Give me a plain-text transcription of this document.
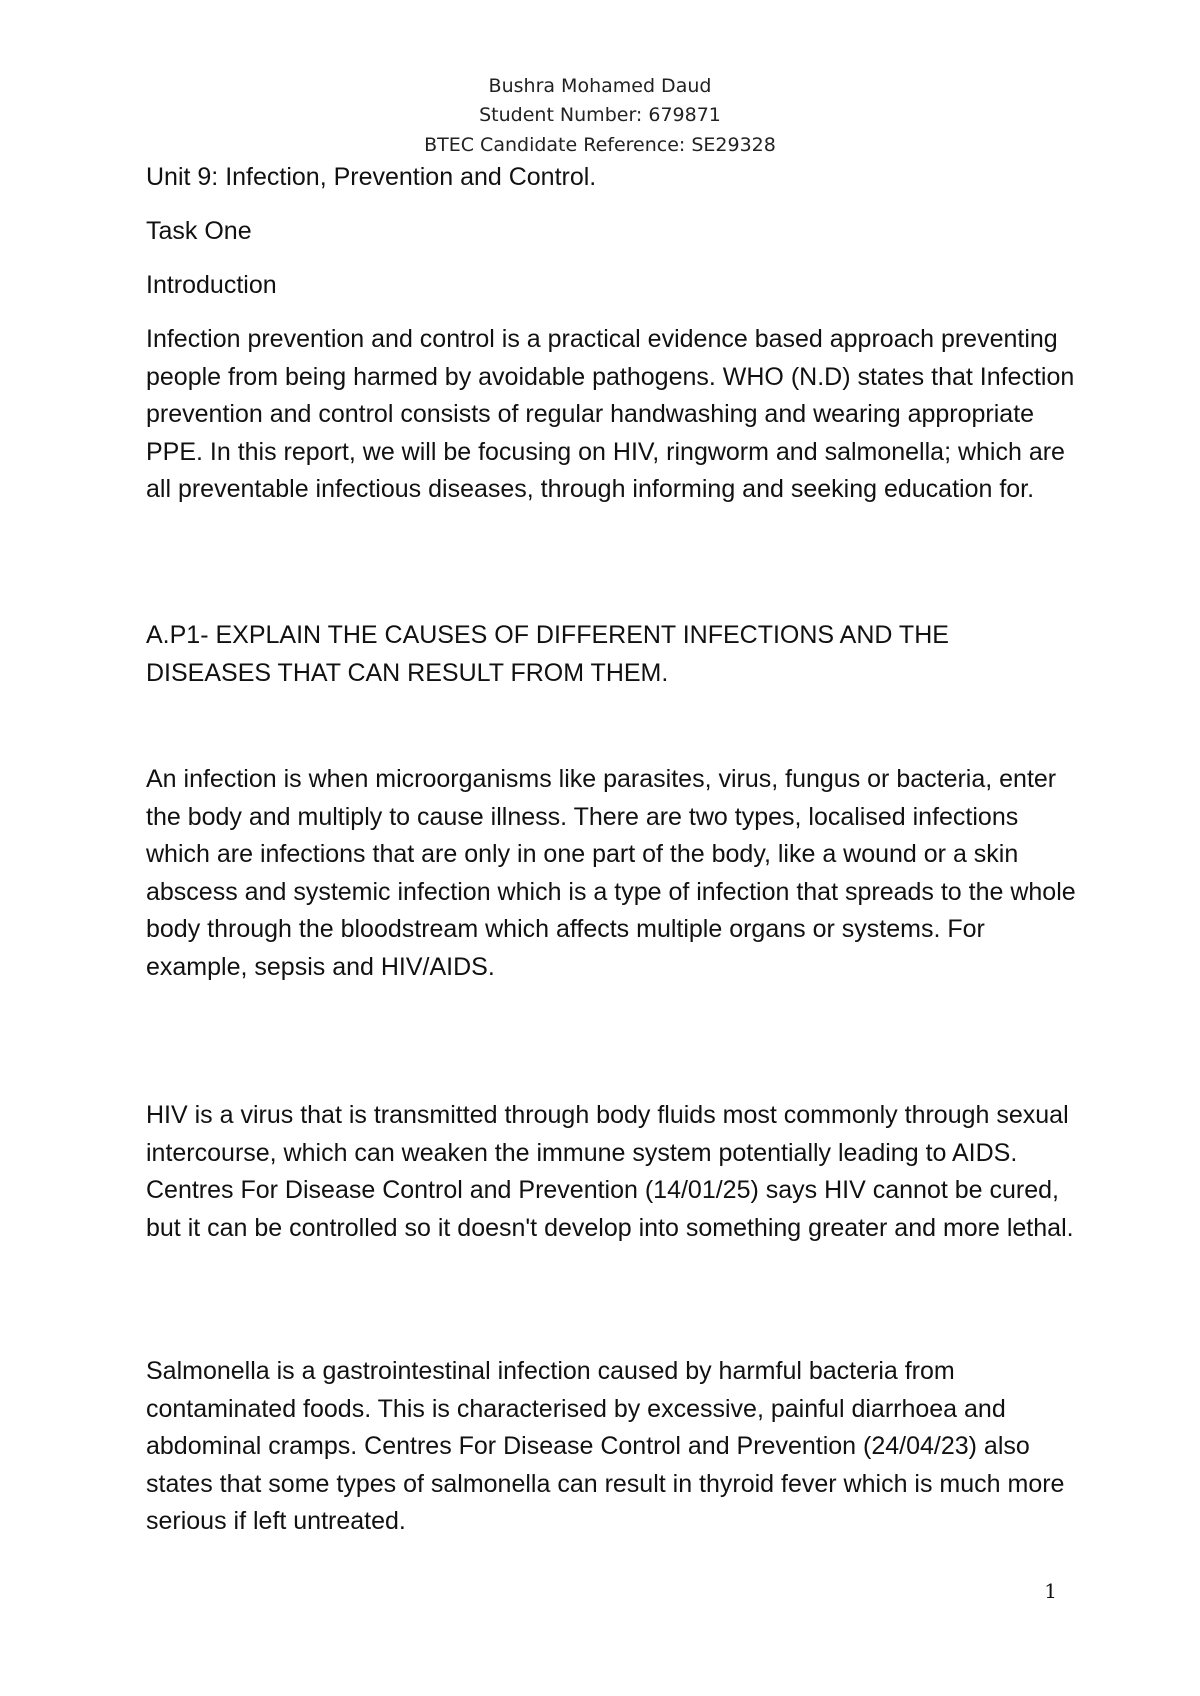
Bushra Mohamed Daud
Student Number: 679871
BTEC Candidate Reference: SE29328
Unit 9: Infection, Prevention and Control.
Task One
Introduction
Infection prevention and control is a practical evidence based approach preventing people from being harmed by avoidable pathogens. WHO (N.D) states that Infection prevention and control consists of regular handwashing and wearing appropriate PPE. In this report, we will be focusing on HIV, ringworm and salmonella; which are all preventable infectious diseases, through informing and seeking education for.
A.P1- EXPLAIN THE CAUSES OF DIFFERENT INFECTIONS AND THE DISEASES THAT CAN RESULT FROM THEM.
An infection is when microorganisms like parasites, virus, fungus or bacteria, enter the body and multiply to cause illness. There are two types, localised infections which are infections that are only in one part of the body, like a wound or a skin abscess and systemic infection which is a type of infection that spreads to the whole body through the bloodstream which affects multiple organs or systems. For example, sepsis and HIV/AIDS.
HIV is a virus that is transmitted through body fluids most commonly through sexual intercourse, which can weaken the immune system potentially leading to AIDS. Centres For Disease Control and Prevention (14/01/25) says HIV cannot be cured, but it can be controlled so it doesn't develop into something greater and more lethal.
Salmonella is a gastrointestinal infection caused by harmful bacteria from contaminated foods. This is characterised by excessive, painful diarrhoea and abdominal cramps. Centres For Disease Control and Prevention (24/04/23) also states that some types of salmonella can result in thyroid fever which is much more serious if left untreated.
1
